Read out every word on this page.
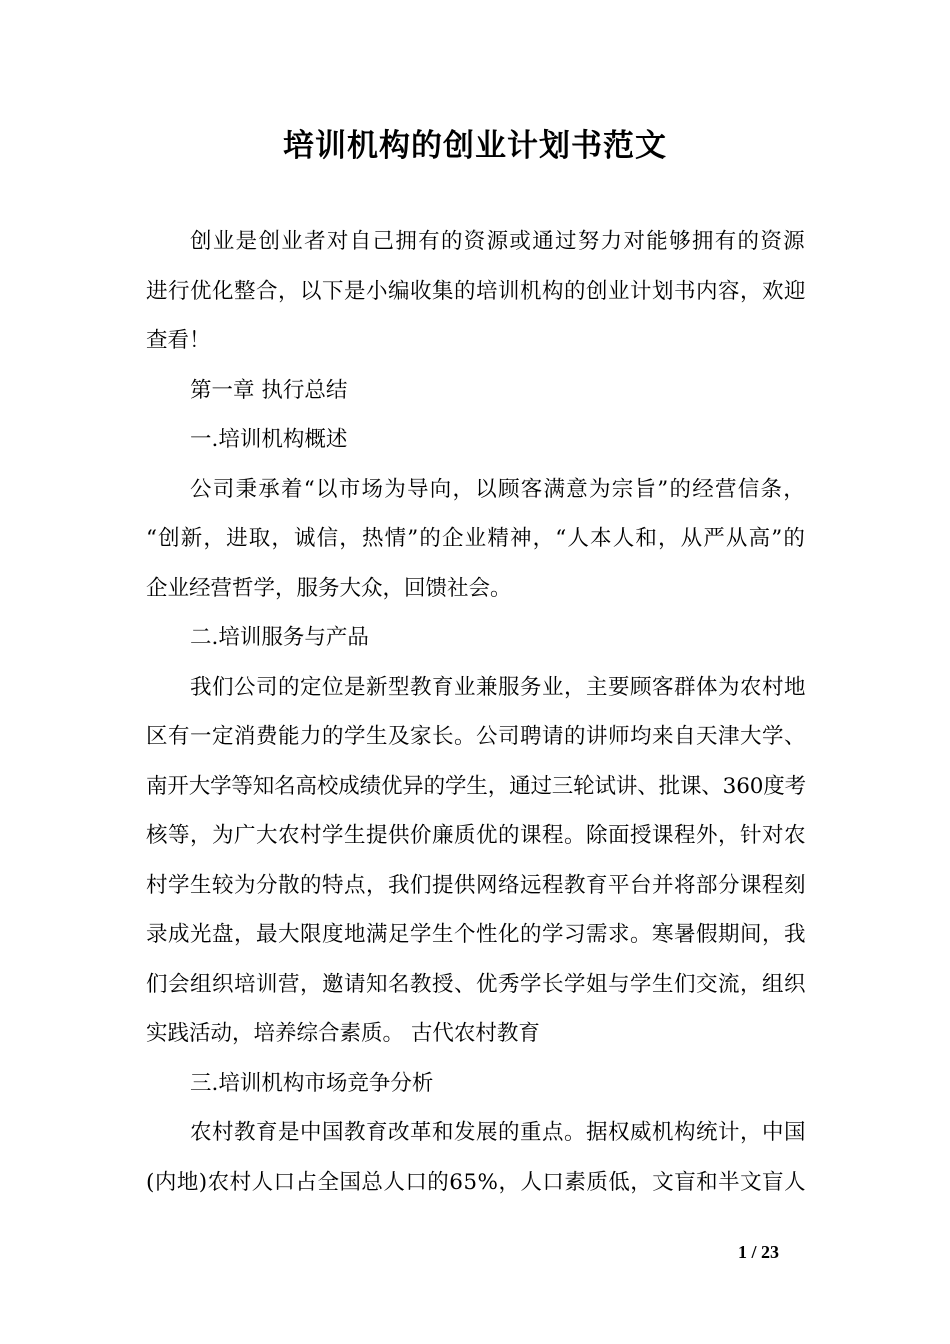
培训机构的创业计划书范文
创业是创业者对自己拥有的资源或通过努力对能够拥有的资源
进行优化整合，以下是小编收集的培训机构的创业计划书内容，欢迎
查看！
第一章 执行总结
一.培训机构概述
公司秉承着“以市场为导向，以顾客满意为宗旨”的经营信条，
“创新，进取，诚信，热情”的企业精神，“人本人和，从严从高”的
企业经营哲学，服务大众，回馈社会。
二.培训服务与产品
我们公司的定位是新型教育业兼服务业，主要顾客群体为农村地
区有一定消费能力的学生及家长。公司聘请的讲师均来自天津大学、
南开大学等知名高校成绩优异的学生，通过三轮试讲、批课、360度考
核等，为广大农村学生提供价廉质优的课程。除面授课程外，针对农
村学生较为分散的特点，我们提供网络远程教育平台并将部分课程刻
录成光盘，最大限度地满足学生个性化的学习需求。寒暑假期间，我
们会组织培训营，邀请知名教授、优秀学长学姐与学生们交流，组织
实践活动，培养综合素质。 古代农村教育
三.培训机构市场竞争分析
农村教育是中国教育改革和发展的重点。据权威机构统计，中国
(内地)农村人口占全国总人口的65%，人口素质低，文盲和半文盲人
1 / 23
